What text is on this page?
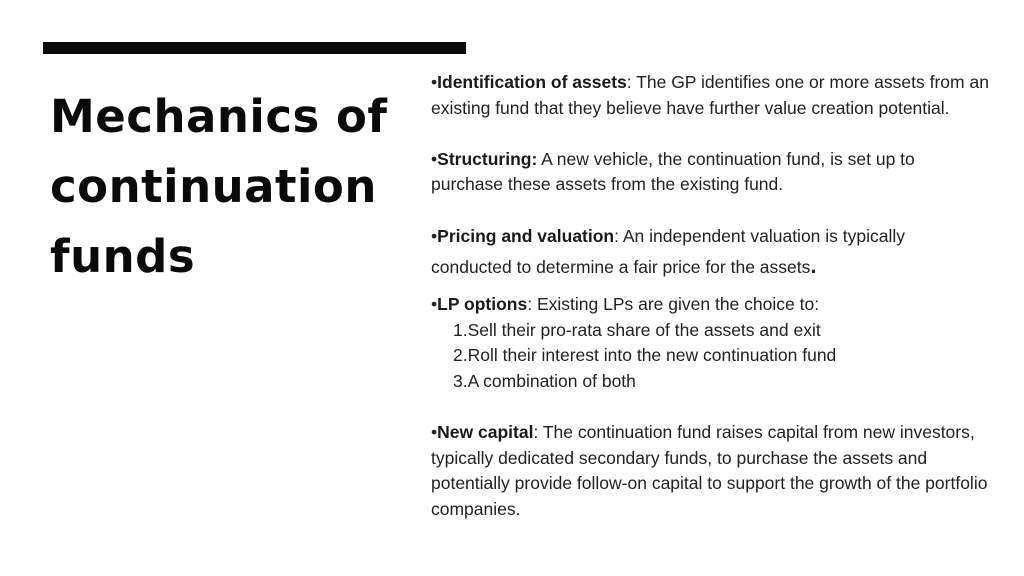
Mechanics of continuation funds

•Identification of assets: The GP identifies one or more assets from an existing fund that they believe have further value creation potential.

•Structuring: A new vehicle, the continuation fund, is set up to purchase these assets from the existing fund.

•Pricing and valuation: An independent valuation is typically

conducted to determine a fair price for the assets.

•LP options: Existing LPs are given the choice to:

1.Sell their pro-rata share of the assets and exit

2.Roll their interest into the new continuation fund

3.A combination of both

•New capital: The continuation fund raises capital from new investors, typically dedicated secondary funds, to purchase the assets and potentially provide follow-on capital to support the growth of the portfolio companies.
